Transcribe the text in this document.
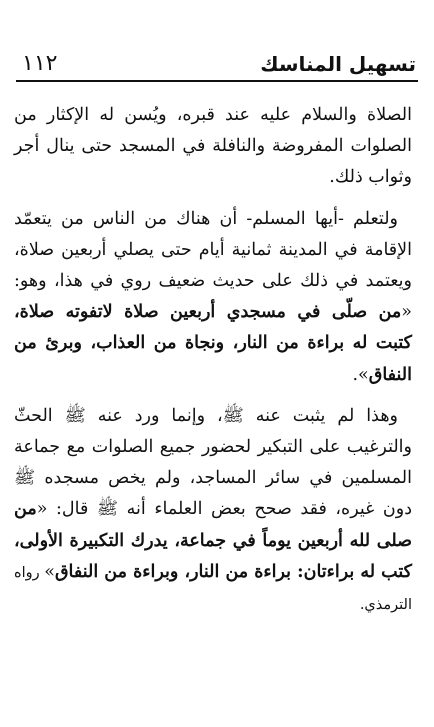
تسهيل المناسك
١١٢

الصلاة والسلام عليه عند قبره، ويُسن له الإكثار من الصلوات المفروضة والنافلة في المسجد حتى ينال أجر وثواب ذلك.

ولتعلم -أيها المسلم- أن هناك من الناس من يتعمّد الإقامة في المدينة ثمانية أيام حتى يصلي أربعين صلاة، ويعتمد في ذلك على حديث ضعيف روي في هذا، وهو: «من صلّى في مسجدي أربعين صلاة لاتفوته صلاة، كتبت له براءة من النار، ونجاة من العذاب، وبرئ من النفاق».

وهذا لم يثبت عنه ﷺ، وإنما ورد عنه ﷺ الحثّ والترغيب على التبكير لحضور جميع الصلوات مع جماعة المسلمين في سائر المساجد، ولم يخص مسجده ﷺ دون غيره، فقد صحح بعض العلماء أنه ﷺ قال: «من صلى لله أربعين يوماً في جماعة، يدرك التكبيرة الأولى، كتب له براءتان: براءة من النار، وبراءة من النفاق» رواه الترمذي.
